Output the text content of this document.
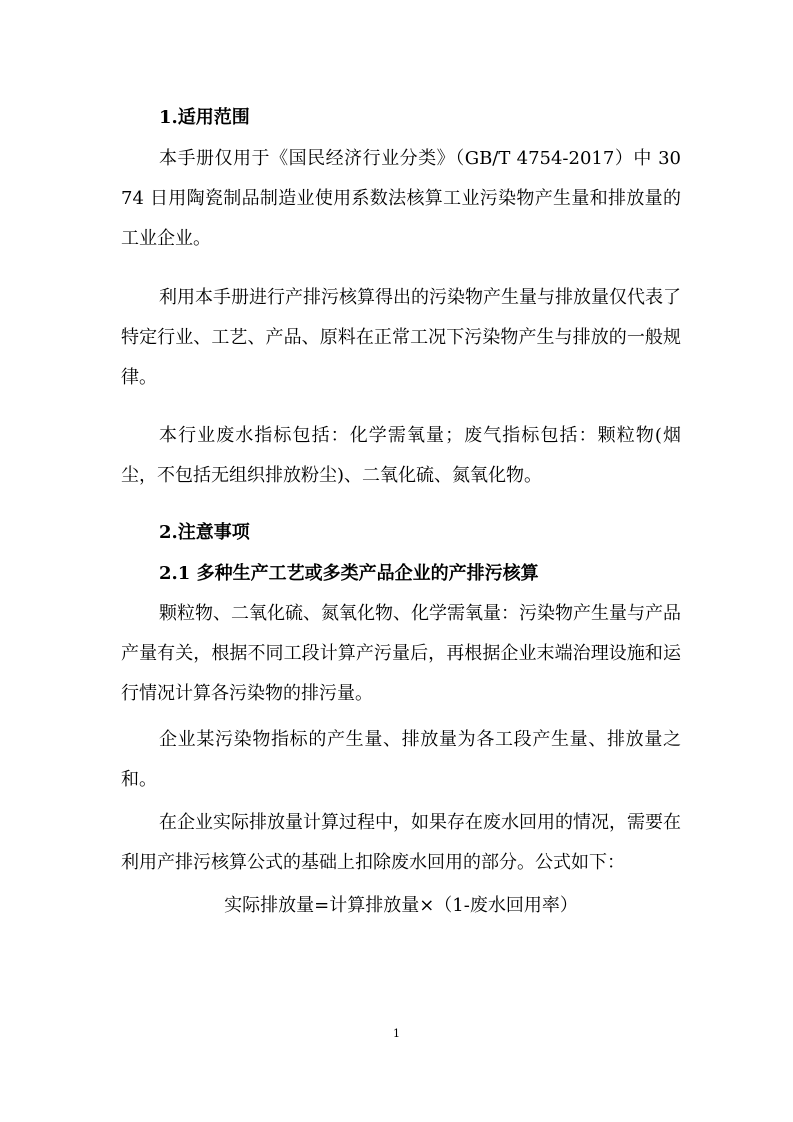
1.适用范围

本手册仅用于《国民经济行业分类》（GB/T 4754-2017）中 3074 日用陶瓷制品制造业使用系数法核算工业污染物产生量和排放量的工业企业。

利用本手册进行产排污核算得出的污染物产生量与排放量仅代表了特定行业、工艺、产品、原料在正常工况下污染物产生与排放的一般规律。

本行业废水指标包括：化学需氧量；废气指标包括：颗粒物(烟尘，不包括无组织排放粉尘)、二氧化硫、氮氧化物。

2.注意事项
2.1 多种生产工艺或多类产品企业的产排污核算

颗粒物、二氧化硫、氮氧化物、化学需氧量：污染物产生量与产品产量有关，根据不同工段计算产污量后，再根据企业末端治理设施和运行情况计算各污染物的排污量。

企业某污染物指标的产生量、排放量为各工段产生量、排放量之和。

在企业实际排放量计算过程中，如果存在废水回用的情况，需要在利用产排污核算公式的基础上扣除废水回用的部分。公式如下：

实际排放量=计算排放量×（1-废水回用率）

1
